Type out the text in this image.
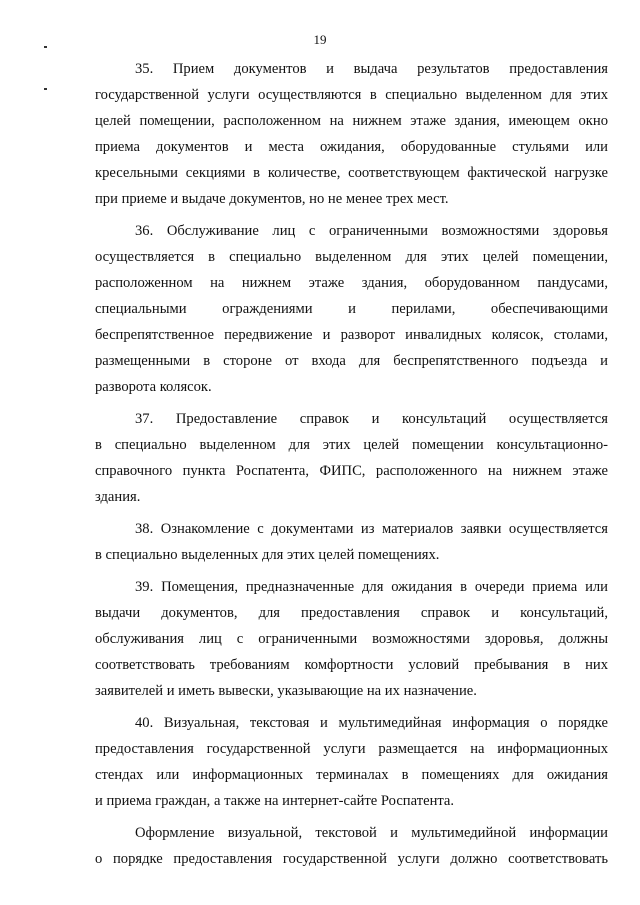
19

35. Прием документов и выдача результатов предоставления
государственной услуги осуществляются в специально выделенном для этих
целей помещении, расположенном на нижнем этаже здания, имеющем окно
приема документов и места ожидания, оборудованные стульями или
кресельными секциями в количестве, соответствующем фактической нагрузке
при приеме и выдаче документов, но не менее трех мест.

36. Обслуживание лиц с ограниченными возможностями здоровья
осуществляется в специально выделенном для этих целей помещении,
расположенном на нижнем этаже здания, оборудованном пандусами,
специальными ограждениями и перилами, обеспечивающими
беспрепятственное передвижение и разворот инвалидных колясок, столами,
размещенными в стороне от входа для беспрепятственного подъезда и
разворота колясок.

37. Предоставление справок и консультаций осуществляется
в специально выделенном для этих целей помещении консультационно-
справочного пункта Роспатента, ФИПС, расположенного на нижнем этаже
здания.

38. Ознакомление с документами из материалов заявки осуществляется
в специально выделенных для этих целей помещениях.

39. Помещения, предназначенные для ожидания в очереди приема или
выдачи документов, для предоставления справок и консультаций,
обслуживания лиц с ограниченными возможностями здоровья, должны
соответствовать требованиям комфортности условий пребывания в них
заявителей и иметь вывески, указывающие на их назначение.

40. Визуальная, текстовая и мультимедийная информация о порядке
предоставления государственной услуги размещается на информационных
стендах или информационных терминалах в помещениях для ожидания
и приема граждан, а также на интернет-сайте Роспатента.

Оформление визуальной, текстовой и мультимедийной информации
о порядке предоставления государственной услуги должно соответствовать
